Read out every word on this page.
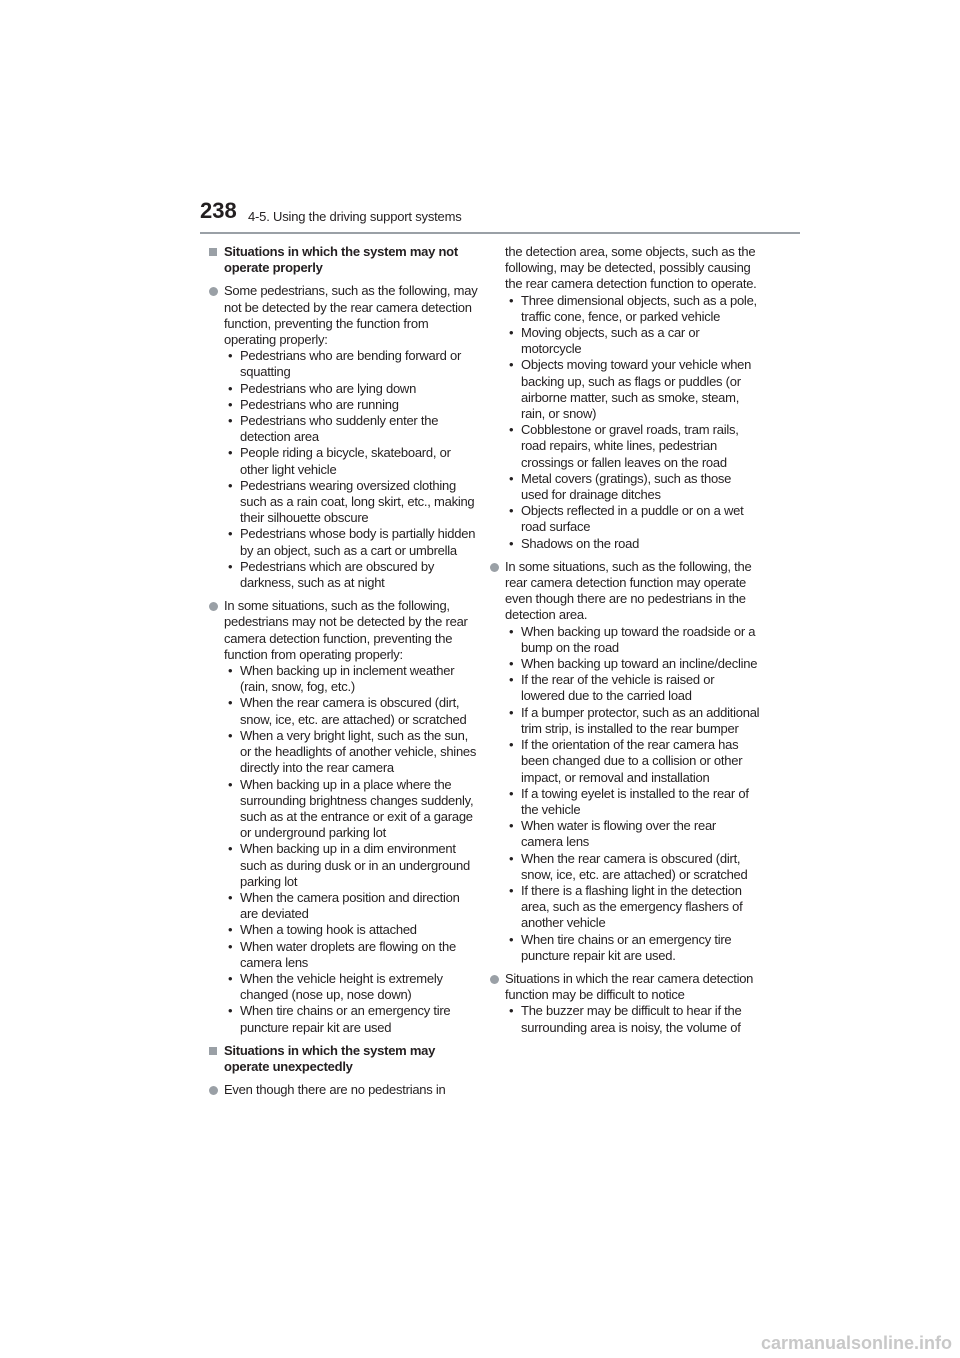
238 4-5. Using the driving support systems
Situations in which the system may not operate properly
Some pedestrians, such as the following, may not be detected by the rear camera detection function, preventing the function from operating properly:
• Pedestrians who are bending forward or squatting
• Pedestrians who are lying down
• Pedestrians who are running
• Pedestrians who suddenly enter the detection area
• People riding a bicycle, skateboard, or other light vehicle
• Pedestrians wearing oversized clothing such as a rain coat, long skirt, etc., making their silhouette obscure
• Pedestrians whose body is partially hidden by an object, such as a cart or umbrella
• Pedestrians which are obscured by darkness, such as at night
In some situations, such as the following, pedestrians may not be detected by the rear camera detection function, preventing the function from operating properly:
• When backing up in inclement weather (rain, snow, fog, etc.)
• When the rear camera is obscured (dirt, snow, ice, etc. are attached) or scratched
• When a very bright light, such as the sun, or the headlights of another vehicle, shines directly into the rear camera
• When backing up in a place where the surrounding brightness changes suddenly, such as at the entrance or exit of a garage or underground parking lot
• When backing up in a dim environment such as during dusk or in an underground parking lot
• When the camera position and direction are deviated
• When a towing hook is attached
• When water droplets are flowing on the camera lens
• When the vehicle height is extremely changed (nose up, nose down)
• When tire chains or an emergency tire puncture repair kit are used
Situations in which the system may operate unexpectedly
Even though there are no pedestrians in
the detection area, some objects, such as the following, may be detected, possibly causing the rear camera detection function to operate.
• Three dimensional objects, such as a pole, traffic cone, fence, or parked vehicle
• Moving objects, such as a car or motorcycle
• Objects moving toward your vehicle when backing up, such as flags or puddles (or airborne matter, such as smoke, steam, rain, or snow)
• Cobblestone or gravel roads, tram rails, road repairs, white lines, pedestrian crossings or fallen leaves on the road
• Metal covers (gratings), such as those used for drainage ditches
• Objects reflected in a puddle or on a wet road surface
• Shadows on the road
In some situations, such as the following, the rear camera detection function may operate even though there are no pedestrians in the detection area.
• When backing up toward the roadside or a bump on the road
• When backing up toward an incline/decline
• If the rear of the vehicle is raised or lowered due to the carried load
• If a bumper protector, such as an additional trim strip, is installed to the rear bumper
• If the orientation of the rear camera has been changed due to a collision or other impact, or removal and installation
• If a towing eyelet is installed to the rear of the vehicle
• When water is flowing over the rear camera lens
• When the rear camera is obscured (dirt, snow, ice, etc. are attached) or scratched
• If there is a flashing light in the detection area, such as the emergency flashers of another vehicle
• When tire chains or an emergency tire puncture repair kit are used.
Situations in which the rear camera detection function may be difficult to notice
• The buzzer may be difficult to hear if the surrounding area is noisy, the volume of
carmanualsonline.info
